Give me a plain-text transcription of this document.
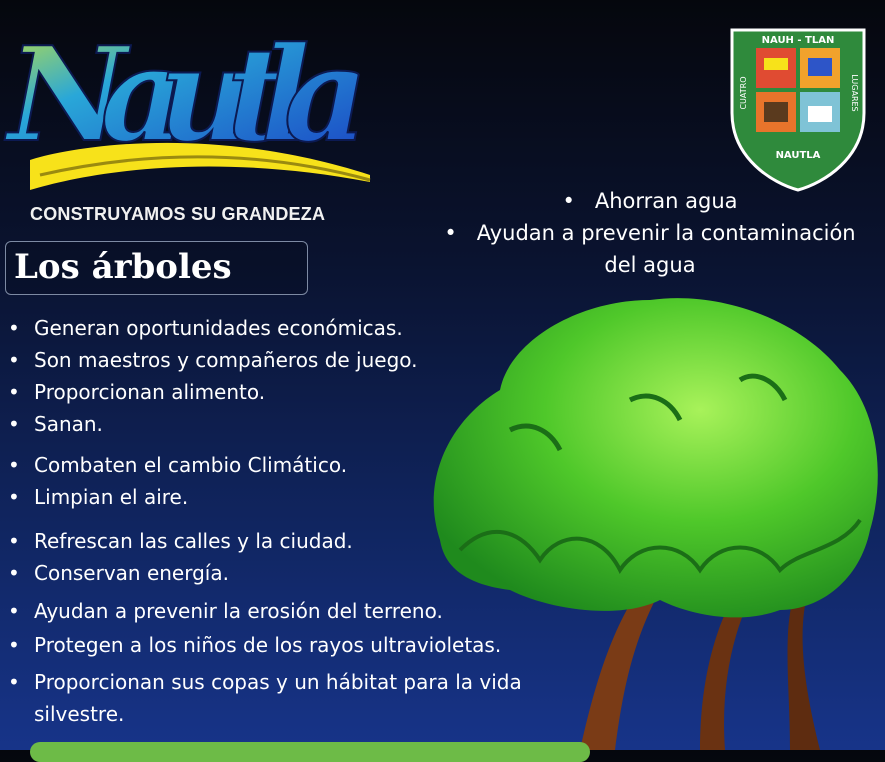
Nautla
CONSTRUYAMOS SU GRANDEZA
NAUH - TLAN
CUATRO	LUGARES
NAUTLA
Los árboles
• Ahorran agua
• Ayudan a prevenir la contaminación
del agua
• Generan oportunidades económicas.
• Son maestros y compañeros de juego.
• Proporcionan alimento.
• Sanan.
• Combaten el cambio Climático.
• Limpian el aire.
• Refrescan las calles y la ciudad.
• Conservan energía.
• Ayudan a prevenir la erosión del terreno.
• Protegen a los niños de los rayos ultravioletas.
• Proporcionan sus copas y un hábitat para la vida
silvestre.
